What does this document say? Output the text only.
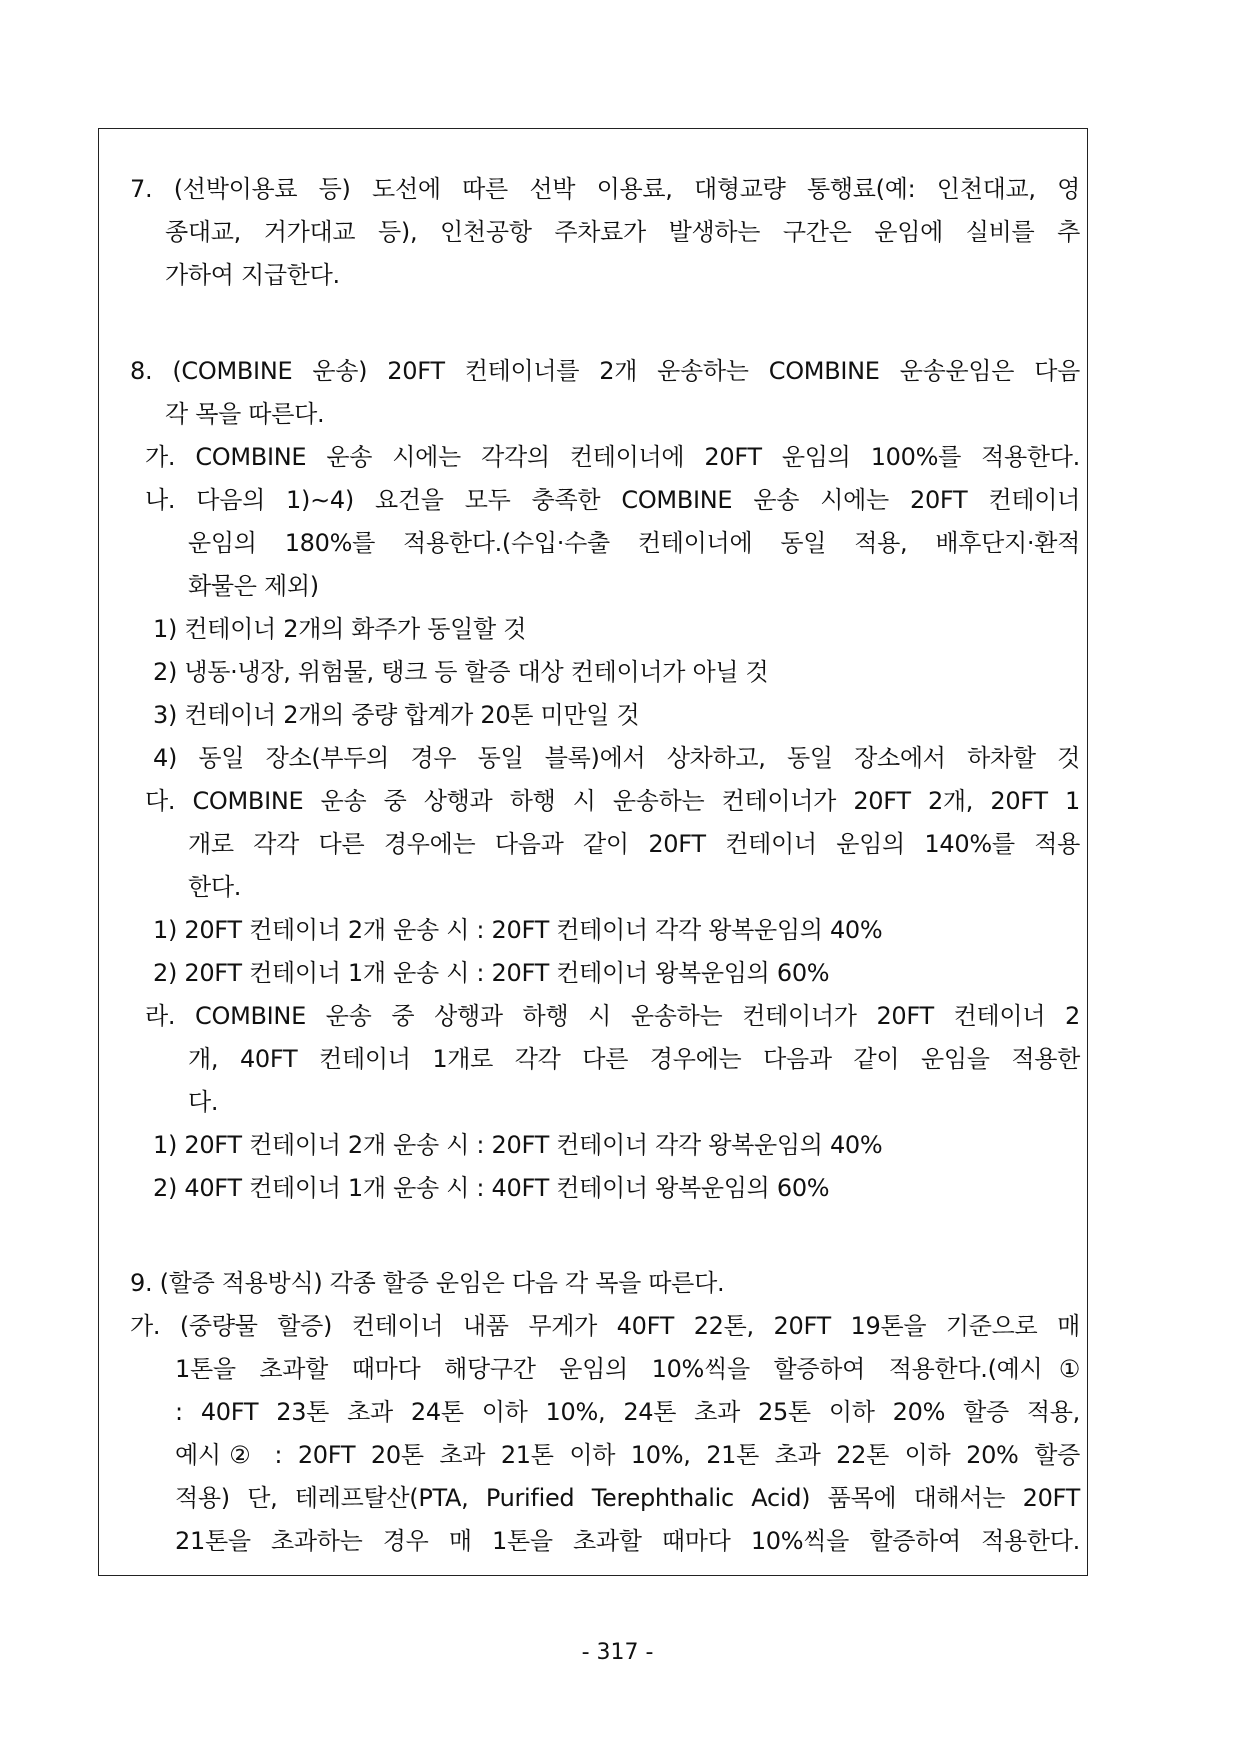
7. (선박이용료 등) 도선에 따른 선박 이용료, 대형교량 통행료(예: 인천대교, 영
종대교, 거가대교 등), 인천공항 주차료가 발생하는 구간은 운임에 실비를 추
가하여 지급한다.
8. (COMBINE 운송) 20FT 컨테이너를 2개 운송하는 COMBINE 운송운임은 다음
각 목을 따른다.
가. COMBINE 운송 시에는 각각의 컨테이너에 20FT 운임의 100%를 적용한다.
나. 다음의 1)∼4) 요건을 모두 충족한 COMBINE 운송 시에는 20FT 컨테이너
운임의 180%를 적용한다.(수입·수출 컨테이너에 동일 적용, 배후단지·환적
화물은 제외)
1) 컨테이너 2개의 화주가 동일할 것
2) 냉동·냉장, 위험물, 탱크 등 할증 대상 컨테이너가 아닐 것
3) 컨테이너 2개의 중량 합계가 20톤 미만일 것
4) 동일 장소(부두의 경우 동일 블록)에서 상차하고, 동일 장소에서 하차할 것
다. COMBINE 운송 중 상행과 하행 시 운송하는 컨테이너가 20FT 2개, 20FT 1
개로 각각 다른 경우에는 다음과 같이 20FT 컨테이너 운임의 140%를 적용
한다.
1) 20FT 컨테이너 2개 운송 시 : 20FT 컨테이너 각각 왕복운임의 40%
2) 20FT 컨테이너 1개 운송 시 : 20FT 컨테이너 왕복운임의 60%
라. COMBINE 운송 중 상행과 하행 시 운송하는 컨테이너가 20FT 컨테이너 2
개, 40FT 컨테이너 1개로 각각 다른 경우에는 다음과 같이 운임을 적용한
다.
1) 20FT 컨테이너 2개 운송 시 : 20FT 컨테이너 각각 왕복운임의 40%
2) 40FT 컨테이너 1개 운송 시 : 40FT 컨테이너 왕복운임의 60%
9. (할증 적용방식) 각종 할증 운임은 다음 각 목을 따른다.
가. (중량물 할증) 컨테이너 내품 무게가 40FT 22톤, 20FT 19톤을 기준으로 매
1톤을 초과할 때마다 해당구간 운임의 10%씩을 할증하여 적용한다.(예시①
: 40FT 23톤 초과 24톤 이하 10%, 24톤 초과 25톤 이하 20% 할증 적용,
예시② : 20FT 20톤 초과 21톤 이하 10%, 21톤 초과 22톤 이하 20% 할증
적용) 단, 테레프탈산(PTA, Purified Terephthalic Acid) 품목에 대해서는 20FT
21톤을 초과하는 경우 매 1톤을 초과할 때마다 10%씩을 할증하여 적용한다.
- 317 -
